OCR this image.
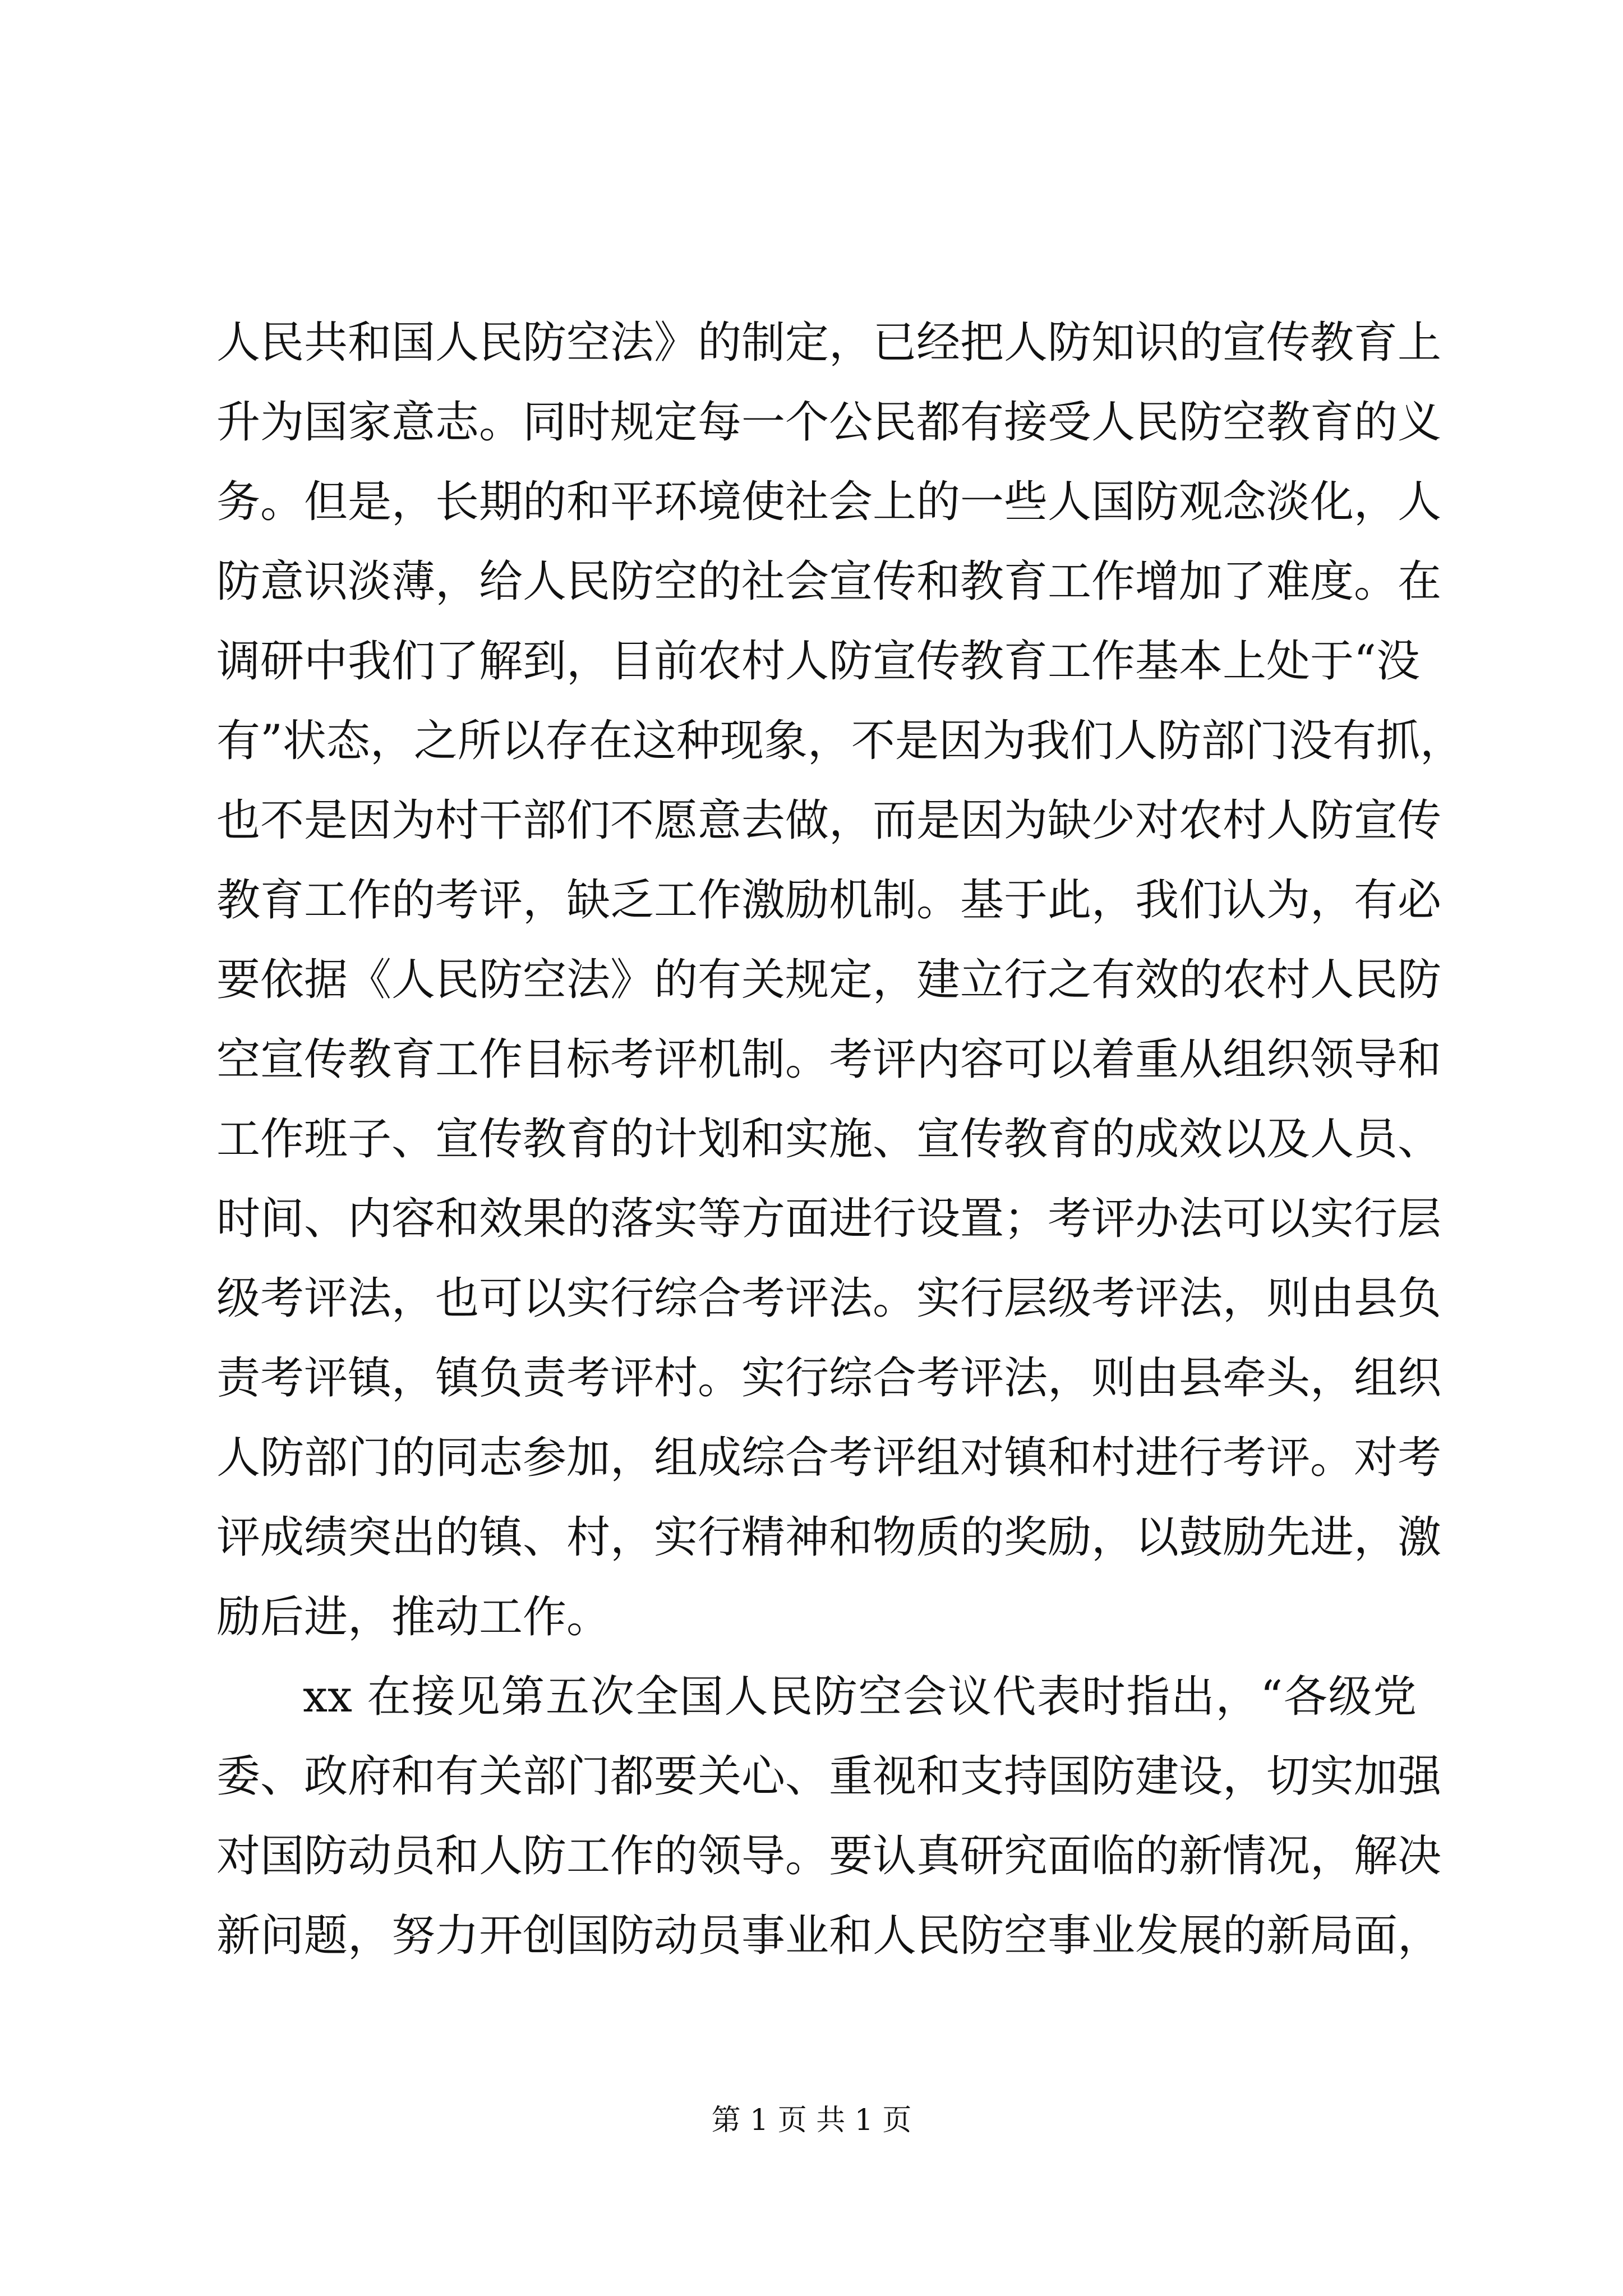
人民共和国人民防空法》的制定，已经把人防知识的宣传教育上
升为国家意志。同时规定每一个公民都有接受人民防空教育的义
务。但是，长期的和平环境使社会上的一些人国防观念淡化，人
防意识淡薄，给人民防空的社会宣传和教育工作增加了难度。在
调研中我们了解到，目前农村人防宣传教育工作基本上处于“没
有”状态，之所以存在这种现象，不是因为我们人防部门没有抓，
也不是因为村干部们不愿意去做，而是因为缺少对农村人防宣传
教育工作的考评，缺乏工作激励机制。基于此，我们认为，有必
要依据《人民防空法》的有关规定，建立行之有效的农村人民防
空宣传教育工作目标考评机制。考评内容可以着重从组织领导和
工作班子、宣传教育的计划和实施、宣传教育的成效以及人员、
时间、内容和效果的落实等方面进行设置；考评办法可以实行层
级考评法，也可以实行综合考评法。实行层级考评法，则由县负
责考评镇，镇负责考评村。实行综合考评法，则由县牵头，组织
人防部门的同志参加，组成综合考评组对镇和村进行考评。对考
评成绩突出的镇、村，实行精神和物质的奖励，以鼓励先进，激
励后进，推动工作。
xx 在接见第五次全国人民防空会议代表时指出，“各级党
委、政府和有关部门都要关心、重视和支持国防建设，切实加强
对国防动员和人防工作的领导。要认真研究面临的新情况，解决
新问题，努力开创国防动员事业和人民防空事业发展的新局面，
第 1 页 共 1 页
